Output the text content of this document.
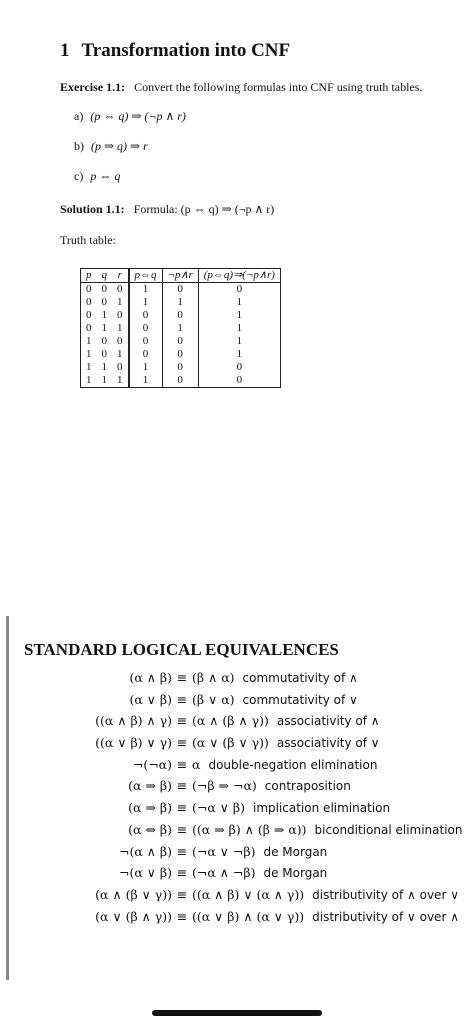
1 Transformation into CNF
Exercise 1.1: Convert the following formulas into CNF using truth tables.
a) (p ⇔ q) ⇒ (¬p ∧ r)
b) (p ⇒ q) ⇒ r
c) p ⇔ q
Solution 1.1: Formula: (p ⇔ q) ⇒ (¬p ∧ r)
Truth table:
p	q	r	p⇔q	¬p∧r	(p⇔q)⇒(¬p∧r)
0	0	0	1	0	0
0	0	1	1	1	1
0	1	0	0	0	1
0	1	1	0	1	1
1	0	0	0	0	1
1	0	1	0	0	1
1	1	0	1	0	0
1	1	1	1	0	0
STANDARD LOGICAL EQUIVALENCES
(α ∧ β) ≡ (β ∧ α) commutativity of ∧
(α ∨ β) ≡ (β ∨ α) commutativity of ∨
((α ∧ β) ∧ γ) ≡ (α ∧ (β ∧ γ)) associativity of ∧
((α ∨ β) ∨ γ) ≡ (α ∨ (β ∨ γ)) associativity of ∨
¬(¬α) ≡ α double-negation elimination
(α ⇒ β) ≡ (¬β ⇒ ¬α) contraposition
(α ⇒ β) ≡ (¬α ∨ β) implication elimination
(α ⇔ β) ≡ ((α ⇒ β) ∧ (β ⇒ α)) biconditional elimination
¬(α ∧ β) ≡ (¬α ∨ ¬β) de Morgan
¬(α ∨ β) ≡ (¬α ∧ ¬β) de Morgan
(α ∧ (β ∨ γ)) ≡ ((α ∧ β) ∨ (α ∧ γ)) distributivity of ∧ over ∨
(α ∨ (β ∧ γ)) ≡ ((α ∨ β) ∧ (α ∨ γ)) distributivity of ∨ over ∧
